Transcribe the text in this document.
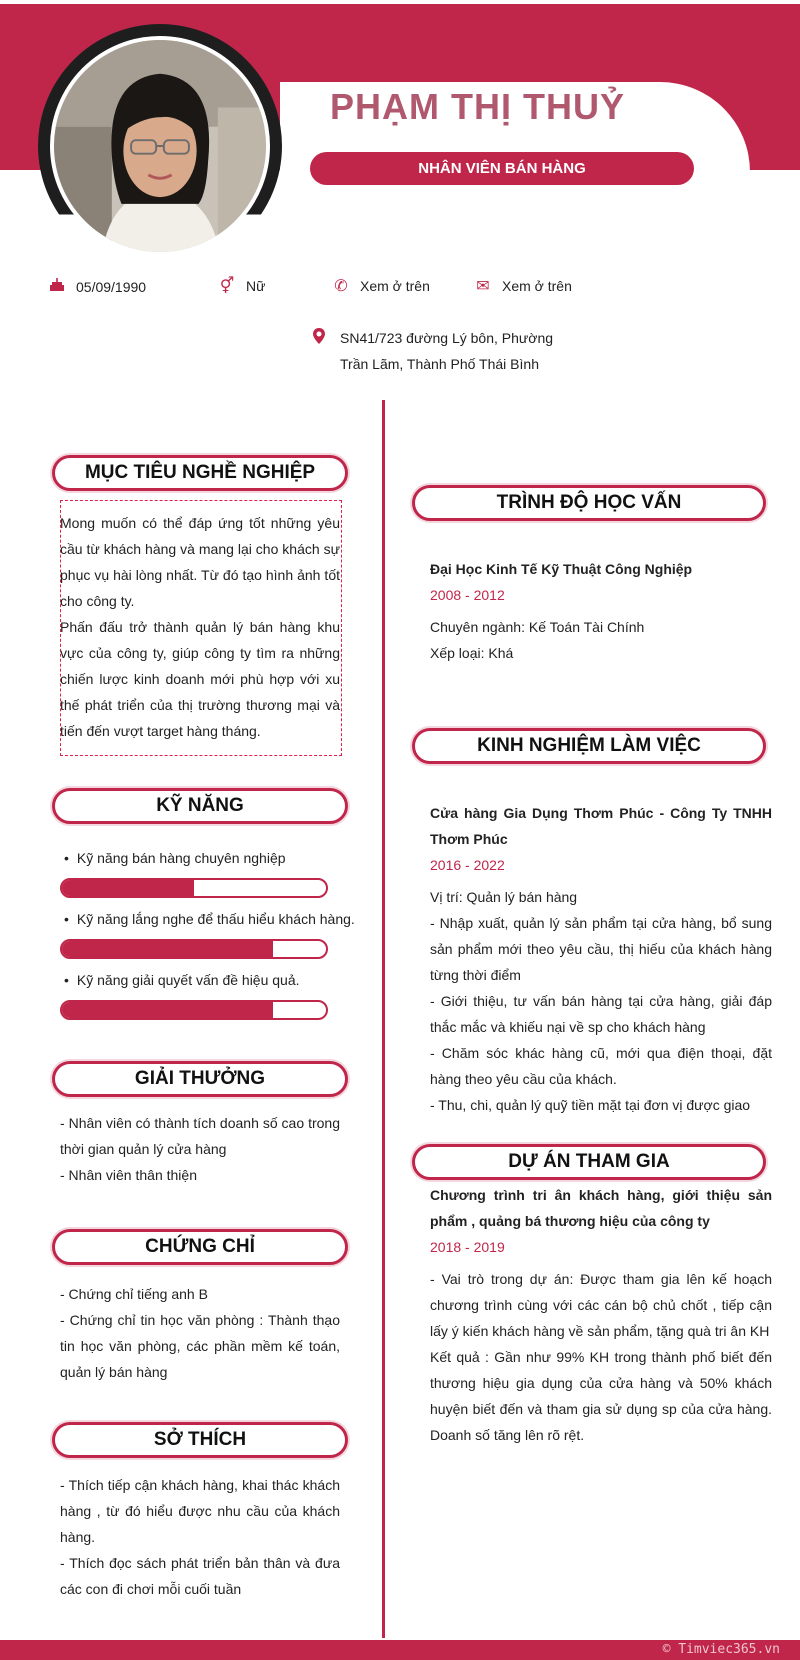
PHẠM THỊ THUỶ
NHÂN VIÊN BÁN HÀNG
05/09/1990	⚥ Nữ	✆ Xem ở trên	✉ Xem ở trên
SN41/723 đường Lý bôn, Phường
Trần Lãm, Thành Phố Thái Bình
MỤC TIÊU NGHỀ NGHIỆP
Mong muốn có thể đáp ứng tốt những yêu cầu từ khách hàng và mang lại cho khách sự phục vụ hài lòng nhất. Từ đó tạo hình ảnh tốt cho công ty.
Phấn đấu trở thành quản lý bán hàng khu vực của công ty, giúp công ty tìm ra những chiến lược kinh doanh mới phù hợp với xu thế phát triển của thị trường thương mại và tiến đến vượt target hàng tháng.
KỸ NĂNG
• Kỹ năng bán hàng chuyên nghiệp
• Kỹ năng lắng nghe để thấu hiểu khách hàng.
• Kỹ năng giải quyết vấn đề hiệu quả.
GIẢI THƯỞNG
- Nhân viên có thành tích doanh số cao trong thời gian quản lý cửa hàng
- Nhân viên thân thiện
CHỨNG CHỈ
- Chứng chỉ tiếng anh B
- Chứng chỉ tin học văn phòng : Thành thạo tin học văn phòng, các phần mềm kế toán, quản lý bán hàng
SỞ THÍCH
- Thích tiếp cận khách hàng, khai thác khách hàng , từ đó hiểu được nhu cầu của khách hàng.
- Thích đọc sách phát triển bản thân và đưa các con đi chơi mỗi cuối tuần
TRÌNH ĐỘ HỌC VẤN
Đại Học Kinh Tế Kỹ Thuật Công Nghiệp
2008 - 2012
Chuyên ngành: Kế Toán Tài Chính
Xếp loại: Khá
KINH NGHIỆM LÀM VIỆC
Cửa hàng Gia Dụng Thơm Phúc - Công Ty TNHH Thơm Phúc
2016 - 2022
Vị trí: Quản lý bán hàng
- Nhập xuất, quản lý sản phẩm tại cửa hàng, bổ sung sản phẩm mới theo yêu cầu, thị hiếu của khách hàng từng thời điểm
- Giới thiệu, tư vấn bán hàng tại cửa hàng, giải đáp thắc mắc và khiếu nại về sp cho khách hàng
- Chăm sóc khác hàng cũ, mới qua điện thoại, đặt hàng theo yêu cầu của khách.
- Thu, chi, quản lý quỹ tiền mặt tại đơn vị được giao
DỰ ÁN THAM GIA
Chương trình tri ân khách hàng, giới thiệu sản phẩm , quảng bá thương hiệu của công ty
2018 - 2019
- Vai trò trong dự án: Được tham gia lên kế hoạch chương trình cùng với các cán bộ chủ chốt , tiếp cận lấy ý kiến khách hàng về sản phẩm, tặng quà tri ân KH
Kết quả : Gần như 99% KH trong thành phố biết đến thương hiệu gia dụng của cửa hàng và 50% khách huyện biết đến và tham gia sử dụng sp của cửa hàng. Doanh số tăng lên rõ rệt.
© Timviec365.vn
